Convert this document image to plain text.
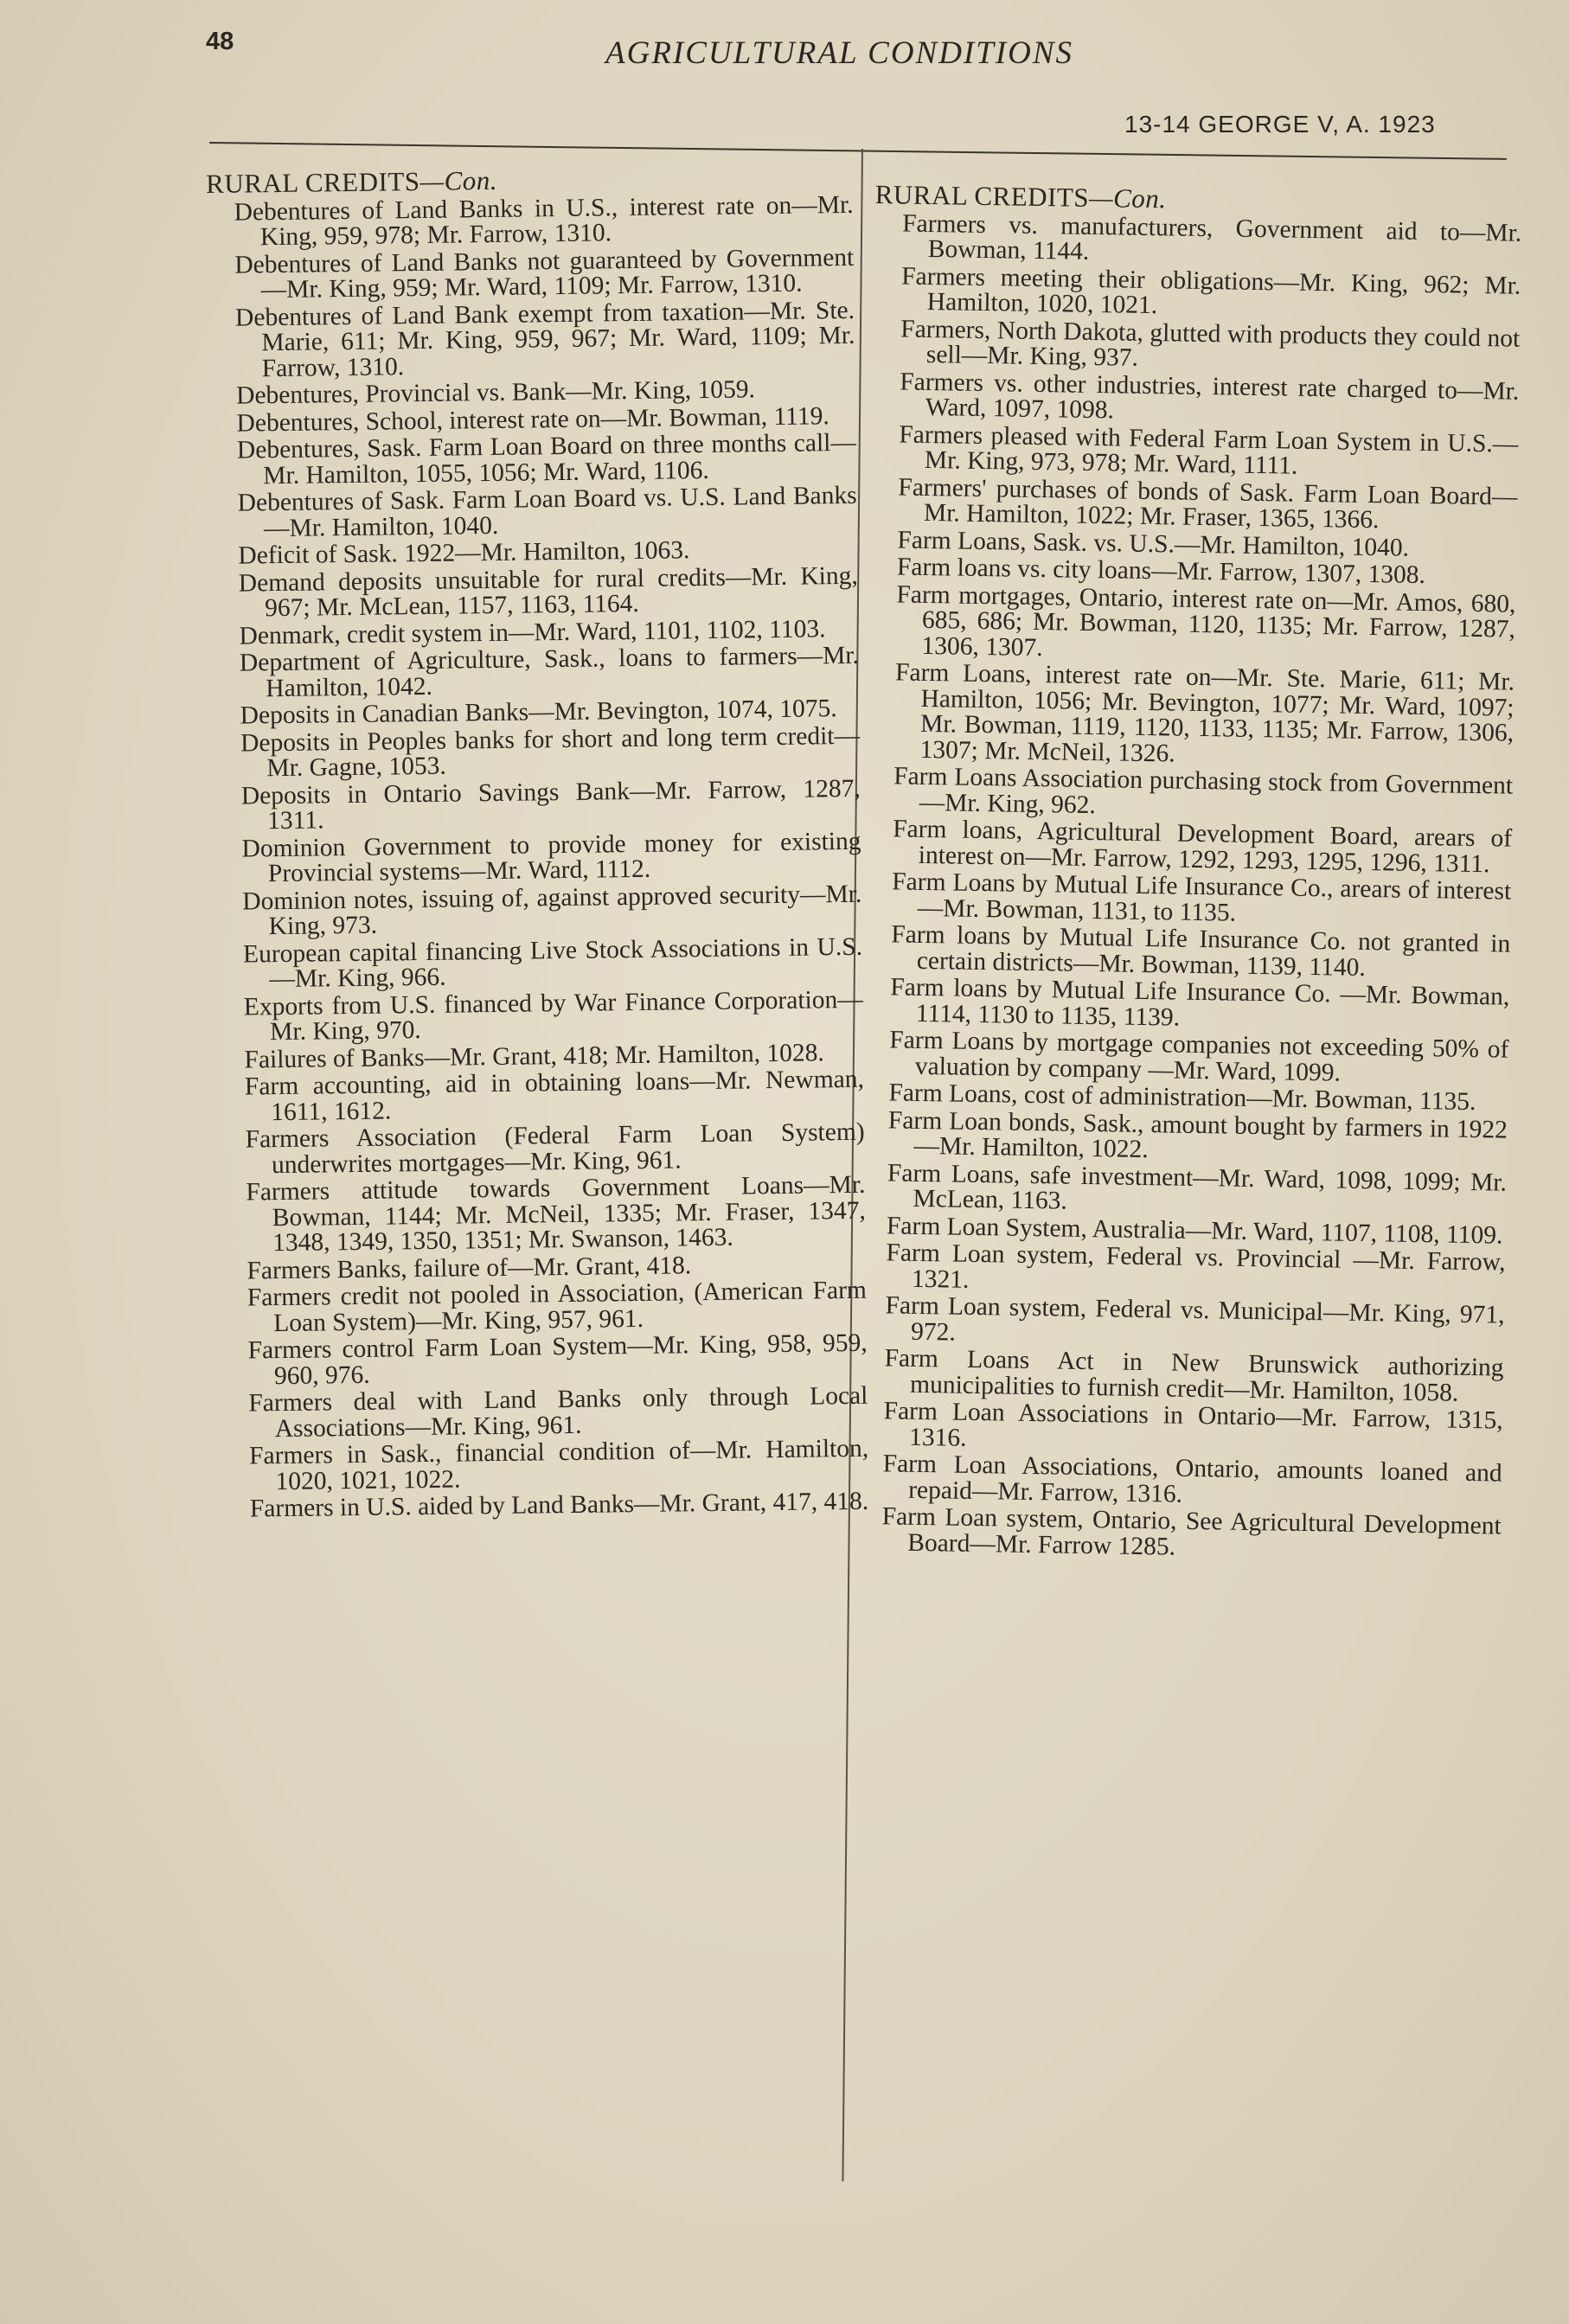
48	AGRICULTURAL CONDITIONS
13-14 GEORGE V, A. 1923
RURAL CREDITS—Con.
Debentures of Land Banks in U.S., interest rate on—Mr. King, 959, 978; Mr. Farrow, 1310.
Debentures of Land Banks not guaranteed by Government—Mr. King, 959; Mr. Ward, 1109; Mr. Farrow, 1310.
Debentures of Land Bank exempt from taxation—Mr. Ste. Marie, 611; Mr. King, 959, 967; Mr. Ward, 1109; Mr. Farrow, 1310.
Debentures, Provincial vs. Bank—Mr. King, 1059.
Debentures, School, interest rate on—Mr. Bowman, 1119.
Debentures, Sask. Farm Loan Board on three months call—Mr. Hamilton, 1055, 1056; Mr. Ward, 1106.
Debentures of Sask. Farm Loan Board vs. U.S. Land Banks—Mr. Hamilton, 1040.
Deficit of Sask. 1922—Mr. Hamilton, 1063.
Demand deposits unsuitable for rural credits—Mr. King, 967; Mr. McLean, 1157, 1163, 1164.
Denmark, credit system in—Mr. Ward, 1101, 1102, 1103.
Department of Agriculture, Sask., loans to farmers—Mr. Hamilton, 1042.
Deposits in Canadian Banks—Mr. Bevington, 1074, 1075.
Deposits in Peoples banks for short and long term credit—Mr. Gagne, 1053.
Deposits in Ontario Savings Bank—Mr. Farrow, 1287, 1311.
Dominion Government to provide money for existing Provincial systems—Mr. Ward, 1112.
Dominion notes, issuing of, against approved security—Mr. King, 973.
European capital financing Live Stock Associations in U.S.—Mr. King, 966.
Exports from U.S. financed by War Finance Corporation—Mr. King, 970.
Failures of Banks—Mr. Grant, 418; Mr. Hamilton, 1028.
Farm accounting, aid in obtaining loans—Mr. Newman, 1611, 1612.
Farmers Association (Federal Farm Loan System) underwrites mortgages—Mr. King, 961.
Farmers attitude towards Government Loans—Mr. Bowman, 1144; Mr. McNeil, 1335; Mr. Fraser, 1347, 1348, 1349, 1350, 1351; Mr. Swanson, 1463.
Farmers Banks, failure of—Mr. Grant, 418.
Farmers credit not pooled in Association, (American Farm Loan System)—Mr. King, 957, 961.
Farmers control Farm Loan System—Mr. King, 958, 959, 960, 976.
Farmers deal with Land Banks only through Local Associations—Mr. King, 961.
Farmers in Sask., financial condition of—Mr. Hamilton, 1020, 1021, 1022.
Farmers in U.S. aided by Land Banks—Mr. Grant, 417, 418.
RURAL CREDITS—Con.
Farmers vs. manufacturers, Government aid to—Mr. Bowman, 1144.
Farmers meeting their obligations—Mr. King, 962; Mr. Hamilton, 1020, 1021.
Farmers, North Dakota, glutted with products they could not sell—Mr. King, 937.
Farmers vs. other industries, interest rate charged to—Mr. Ward, 1097, 1098.
Farmers pleased with Federal Farm Loan System in U.S.—Mr. King, 973, 978; Mr. Ward, 1111.
Farmers' purchases of bonds of Sask. Farm Loan Board—Mr. Hamilton, 1022; Mr. Fraser, 1365, 1366.
Farm Loans, Sask. vs. U.S.—Mr. Hamilton, 1040.
Farm loans vs. city loans—Mr. Farrow, 1307, 1308.
Farm mortgages, Ontario, interest rate on—Mr. Amos, 680, 685, 686; Mr. Bowman, 1120, 1135; Mr. Farrow, 1287, 1306, 1307.
Farm Loans, interest rate on—Mr. Ste. Marie, 611; Mr. Hamilton, 1056; Mr. Bevington, 1077; Mr. Ward, 1097; Mr. Bowman, 1119, 1120, 1133, 1135; Mr. Farrow, 1306, 1307; Mr. McNeil, 1326.
Farm Loans Association purchasing stock from Government—Mr. King, 962.
Farm loans, Agricultural Development Board, arears of interest on—Mr. Farrow, 1292, 1293, 1295, 1296, 1311.
Farm Loans by Mutual Life Insurance Co., arears of interest—Mr. Bowman, 1131, to 1135.
Farm loans by Mutual Life Insurance Co. not granted in certain districts—Mr. Bowman, 1139, 1140.
Farm loans by Mutual Life Insurance Co. —Mr. Bowman, 1114, 1130 to 1135, 1139.
Farm Loans by mortgage companies not exceeding 50% of valuation by company —Mr. Ward, 1099.
Farm Loans, cost of administration—Mr. Bowman, 1135.
Farm Loan bonds, Sask., amount bought by farmers in 1922—Mr. Hamilton, 1022.
Farm Loans, safe investment—Mr. Ward, 1098, 1099; Mr. McLean, 1163.
Farm Loan System, Australia—Mr. Ward, 1107, 1108, 1109.
Farm Loan system, Federal vs. Provincial —Mr. Farrow, 1321.
Farm Loan system, Federal vs. Municipal—Mr. King, 971, 972.
Farm Loans Act in New Brunswick authorizing municipalities to furnish credit—Mr. Hamilton, 1058.
Farm Loan Associations in Ontario—Mr. Farrow, 1315, 1316.
Farm Loan Associations, Ontario, amounts loaned and repaid—Mr. Farrow, 1316.
Farm Loan system, Ontario, See Agricultural Development Board—Mr. Farrow 1285.
